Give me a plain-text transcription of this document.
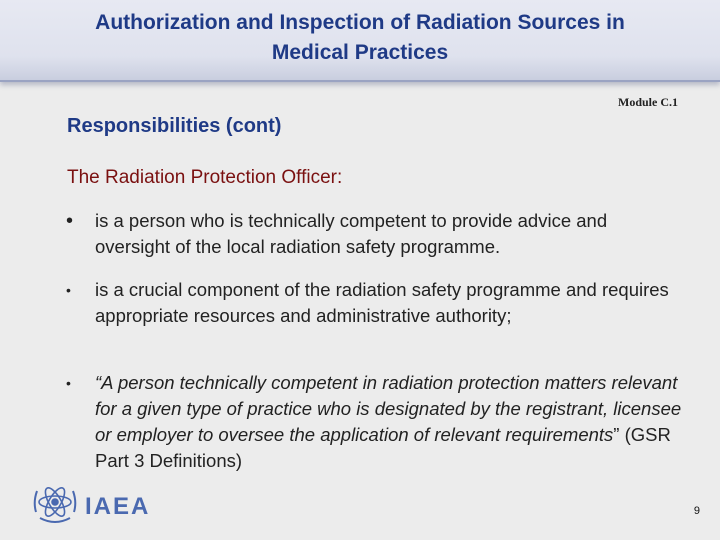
Authorization and Inspection of Radiation Sources in
Medical Practices
Module C.1
Responsibilities (cont)
The Radiation Protection Officer:
•	is a person who is technically competent to provide advice and oversight of the local radiation safety programme.
•	is a crucial component of the radiation safety programme and requires appropriate resources and administrative authority;
•	“A person technically competent in radiation protection matters relevant for a given type of practice who is designated by the registrant, licensee or employer to oversee the application of relevant requirements” (GSR Part 3 Definitions)
IAEA	9
